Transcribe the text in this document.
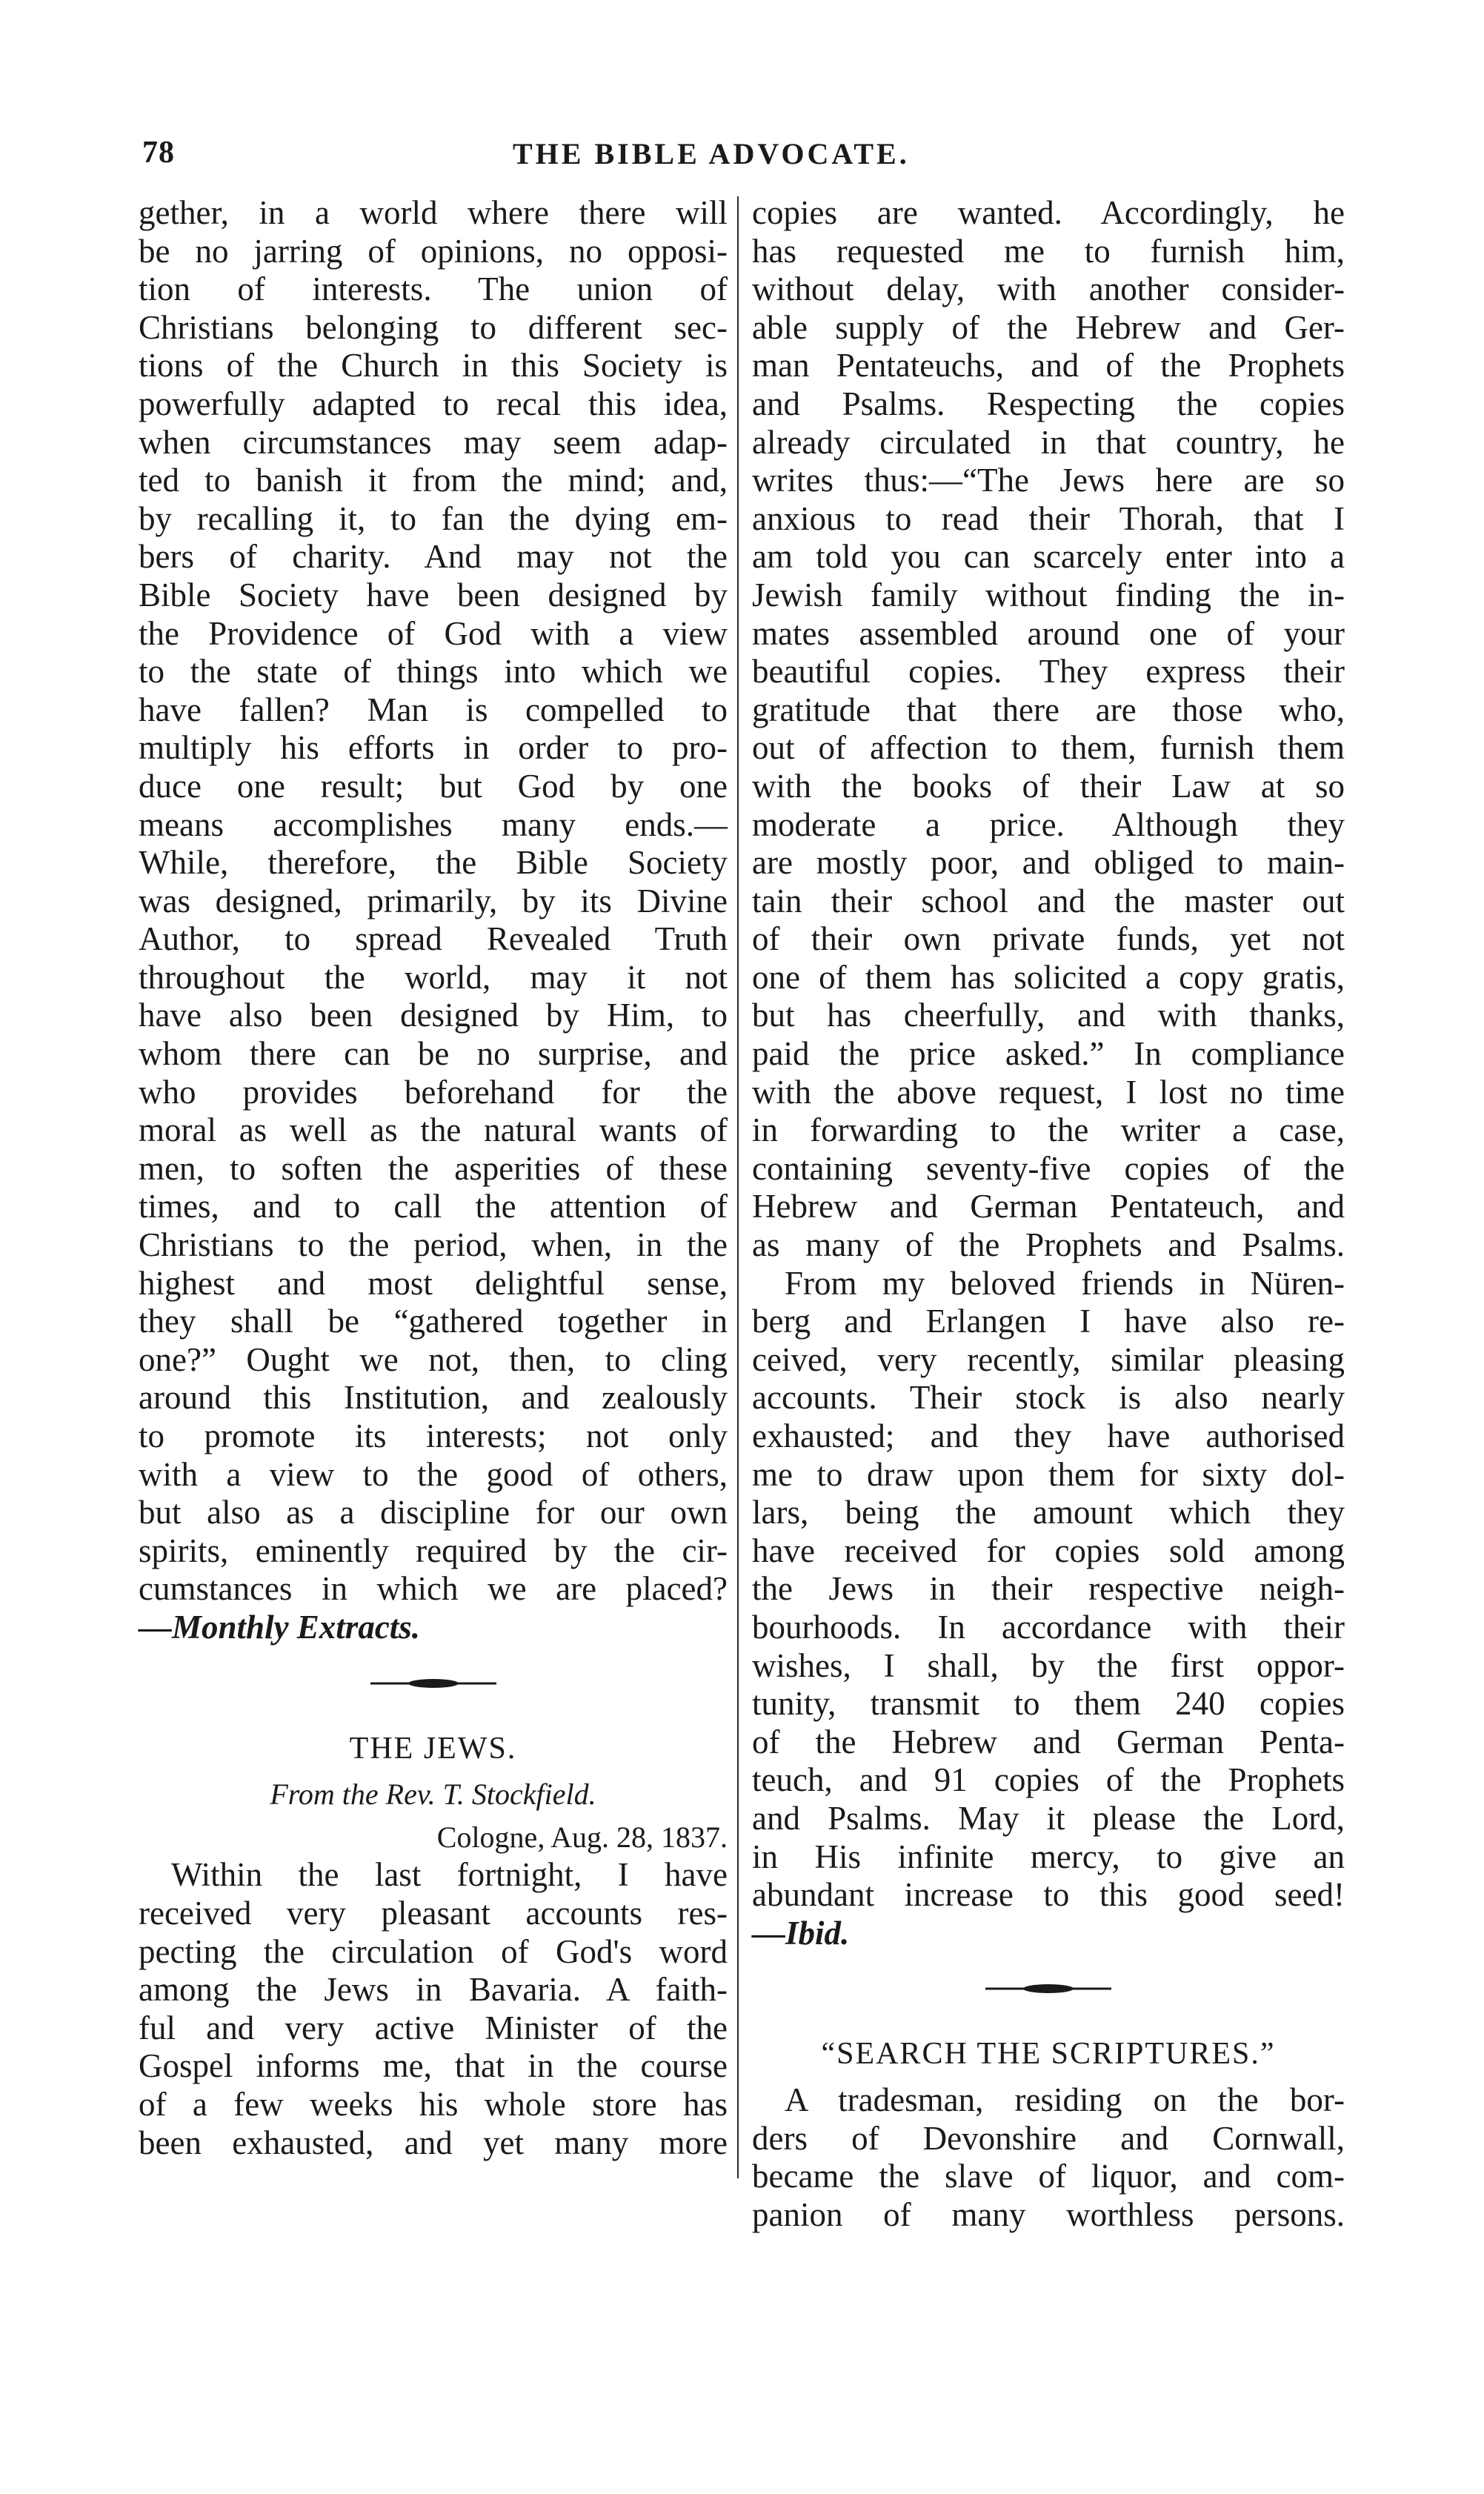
78	THE BIBLE ADVOCATE.
gether, in a world where there will
be no jarring of opinions, no opposi-
tion of interests. The union of
Christians belonging to different sec-
tions of the Church in this Society is
powerfully adapted to recal this idea,
when circumstances may seem adap-
ted to banish it from the mind; and,
by recalling it, to fan the dying em-
bers of charity. And may not the
Bible Society have been designed by
the Providence of God with a view
to the state of things into which we
have fallen? Man is compelled to
multiply his efforts in order to pro-
duce one result; but God by one
means accomplishes many ends.—
While, therefore, the Bible Society
was designed, primarily, by its Divine
Author, to spread Revealed Truth
throughout the world, may it not
have also been designed by Him, to
whom there can be no surprise, and
who provides beforehand for the
moral as well as the natural wants of
men, to soften the asperities of these
times, and to call the attention of
Christians to the period, when, in the
highest and most delightful sense,
they shall be “gathered together in
one?” Ought we not, then, to cling
around this Institution, and zealously
to promote its interests; not only
with a view to the good of others,
but also as a discipline for our own
spirits, eminently required by the cir-
cumstances in which we are placed?
—Monthly Extracts.
THE JEWS.
From the Rev. T. Stockfield.
Cologne, Aug. 28, 1837.
Within the last fortnight, I have
received very pleasant accounts res-
pecting the circulation of God's word
among the Jews in Bavaria. A faith-
ful and very active Minister of the
Gospel informs me, that in the course
of a few weeks his whole store has
been exhausted, and yet many more
copies are wanted. Accordingly, he
has requested me to furnish him,
without delay, with another consider-
able supply of the Hebrew and Ger-
man Pentateuchs, and of the Prophets
and Psalms. Respecting the copies
already circulated in that country, he
writes thus:—“The Jews here are so
anxious to read their Thorah, that I
am told you can scarcely enter into a
Jewish family without finding the in-
mates assembled around one of your
beautiful copies. They express their
gratitude that there are those who,
out of affection to them, furnish them
with the books of their Law at so
moderate a price. Although they
are mostly poor, and obliged to main-
tain their school and the master out
of their own private funds, yet not
one of them has solicited a copy gratis,
but has cheerfully, and with thanks,
paid the price asked.” In compliance
with the above request, I lost no time
in forwarding to the writer a case,
containing seventy-five copies of the
Hebrew and German Pentateuch, and
as many of the Prophets and Psalms.
From my beloved friends in Nüren-
berg and Erlangen I have also re-
ceived, very recently, similar pleasing
accounts. Their stock is also nearly
exhausted; and they have authorised
me to draw upon them for sixty dol-
lars, being the amount which they
have received for copies sold among
the Jews in their respective neigh-
bourhoods. In accordance with their
wishes, I shall, by the first oppor-
tunity, transmit to them 240 copies
of the Hebrew and German Penta-
teuch, and 91 copies of the Prophets
and Psalms. May it please the Lord,
in His infinite mercy, to give an
abundant increase to this good seed!
—Ibid.
“SEARCH THE SCRIPTURES.”
A tradesman, residing on the bor-
ders of Devonshire and Cornwall,
became the slave of liquor, and com-
panion of many worthless persons.
